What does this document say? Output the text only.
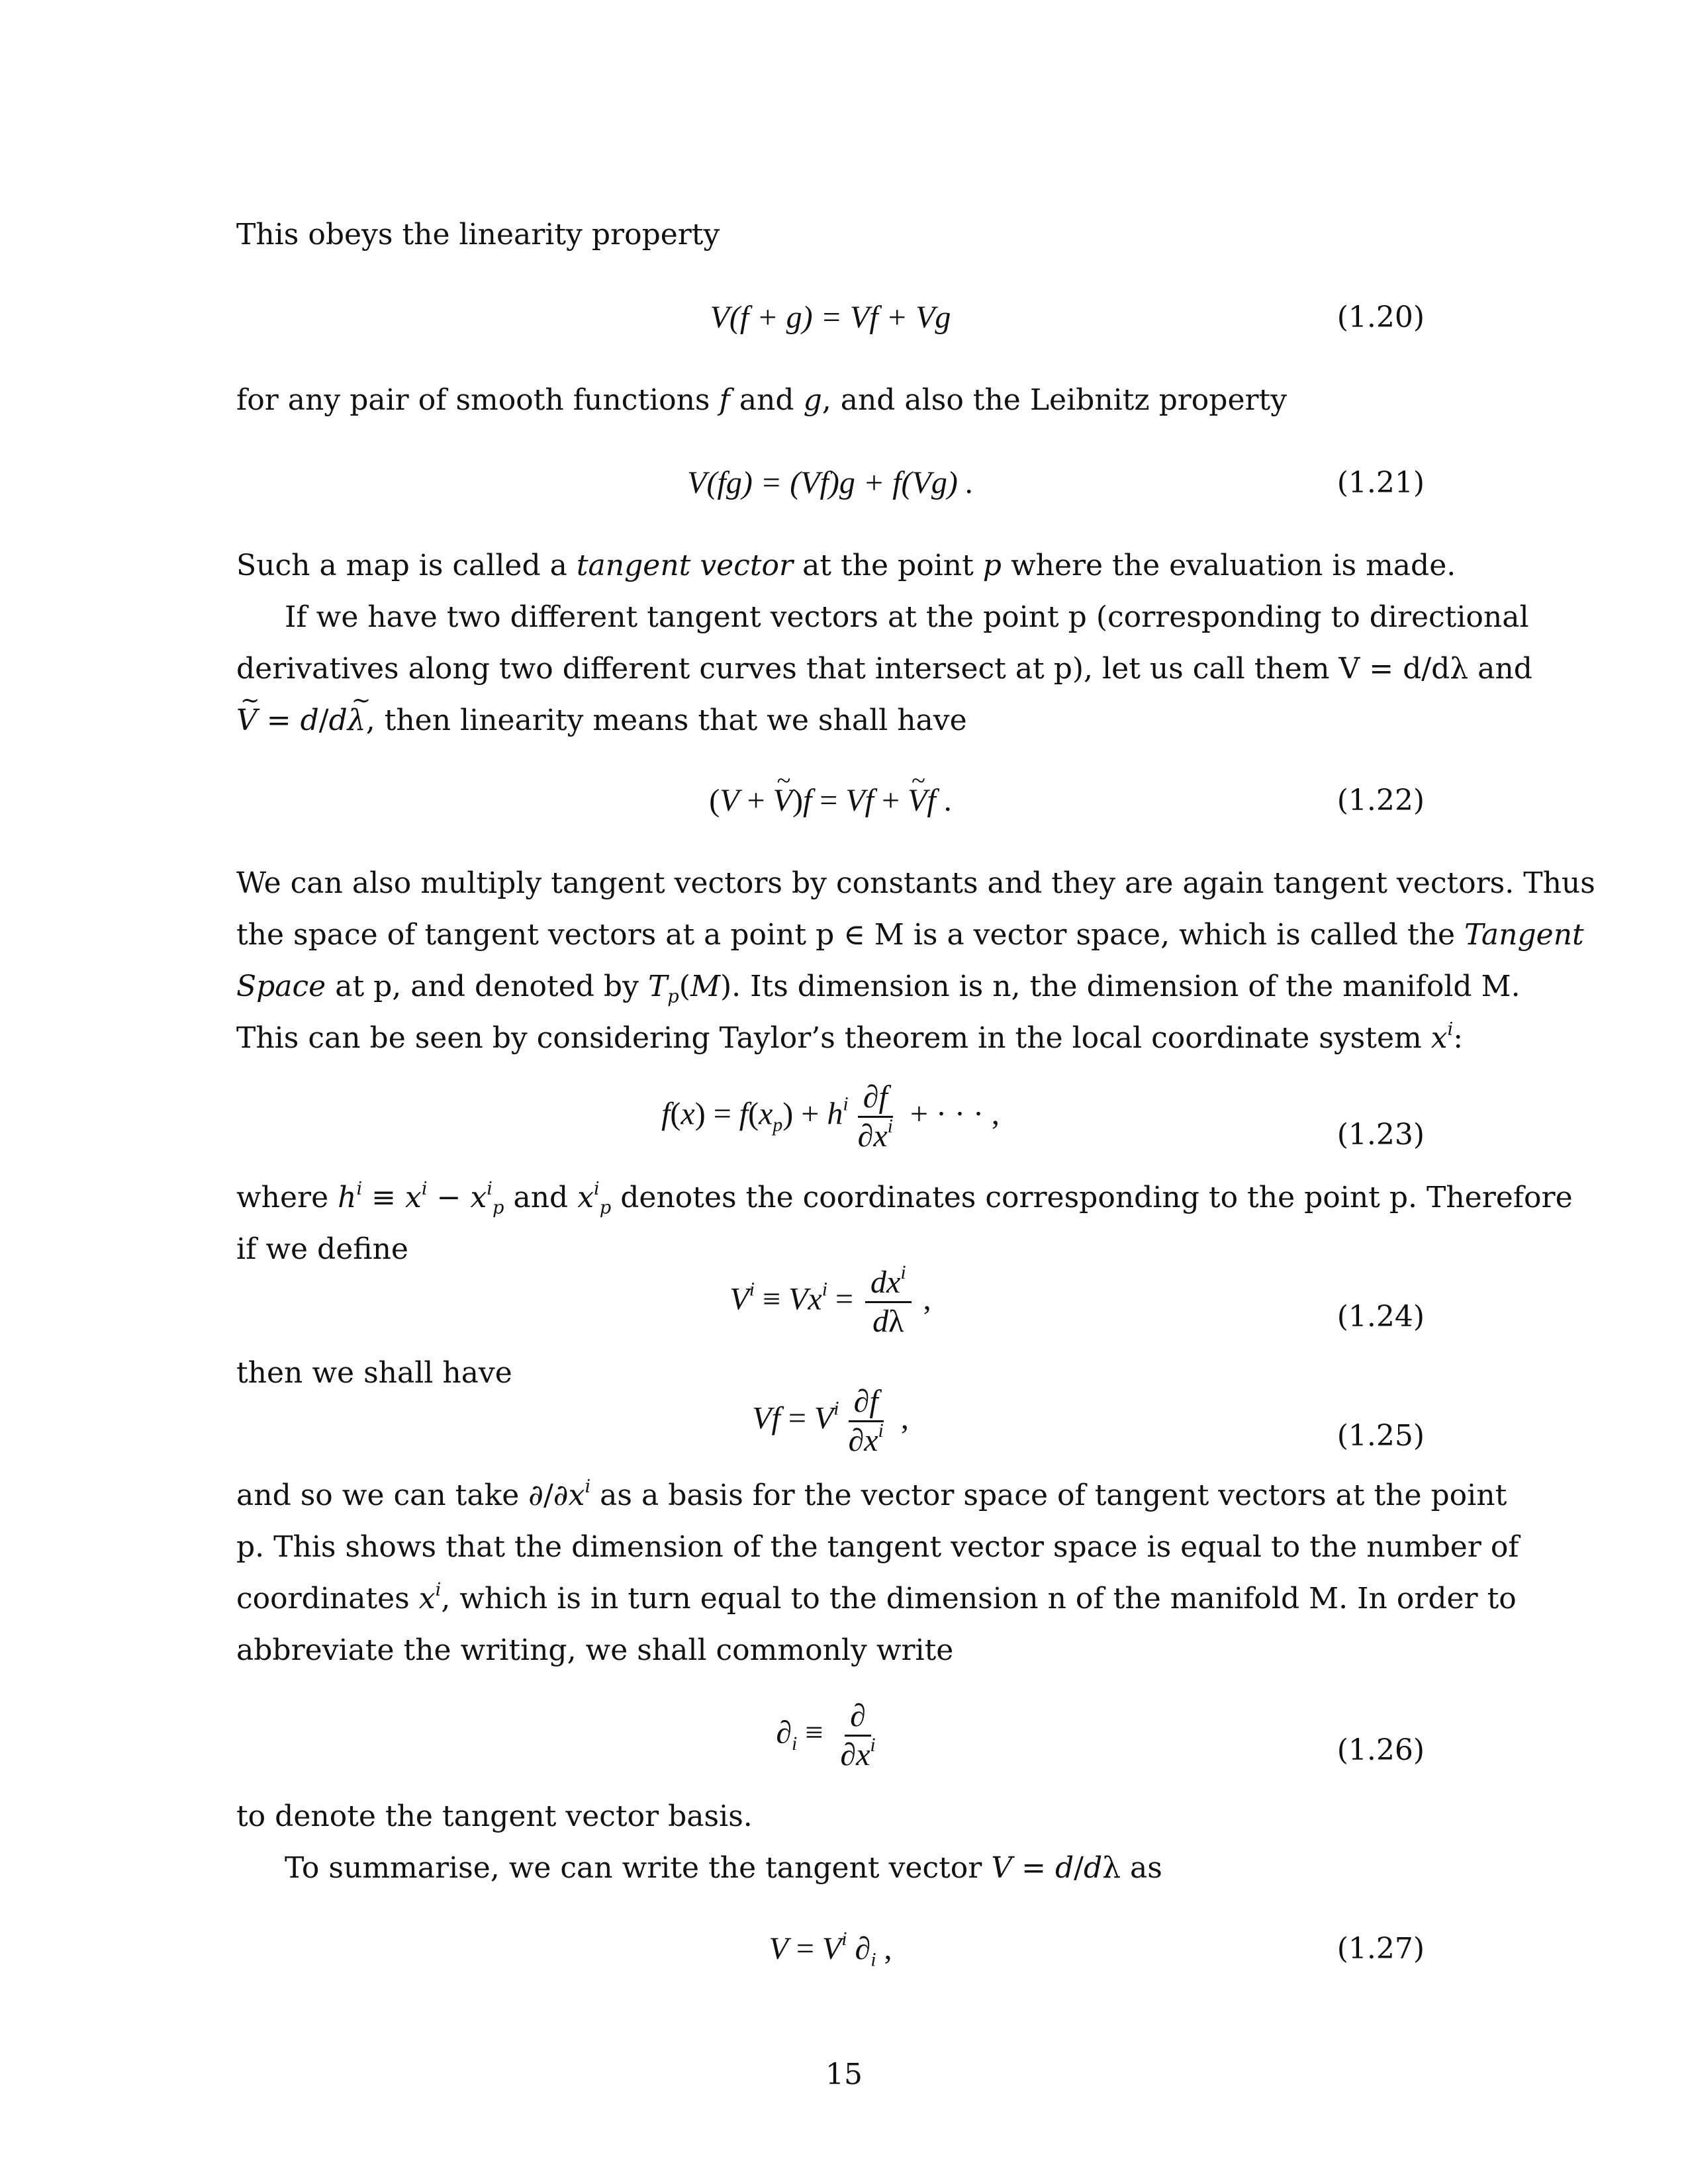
This obeys the linearity property
V(f + g) = Vf + Vg	(1.20)
for any pair of smooth functions f and g, and also the Leibnitz property
V(fg) = (Vf)g + f(Vg) .	(1.21)
Such a map is called a tangent vector at the point p where the evaluation is made.
If we have two different tangent vectors at the point p (corresponding to directional
derivatives along two different curves that intersect at p), let us call them V = d/dλ and
~ V = d/d~ λ, then linearity means that we shall have
(V + ~ V)f = Vf + ~ Vf .	(1.22)
We can also multiply tangent vectors by constants and they are again tangent vectors. Thus
the space of tangent vectors at a point p ∈ M is a vector space, which is called the Tangent
Space at p, and denoted by $T_p(M)$. Its dimension is n, the dimension of the manifold M.
This can be seen by considering Taylor’s theorem in the local coordinate system $x^i$:
$f(x) = f(x_p) + h^i \frac{\partial f}{\partial x^i}$ + · · · ,
(1.23)
where $h^i \equiv x^i - x^i_p$ and $x^i_p$ denotes the coordinates corresponding to the point p. Therefore
if we define
$V^i \equiv Vx^i = \frac{dx^i}{d\lambda}$ ,	(1.24)
then we shall have
$Vf = V^i \frac{\partial f}{\partial x^i}$ ,	(1.25)
and so we can take $\partial/\partial x^i$ as a basis for the vector space of tangent vectors at the point
p. This shows that the dimension of the tangent vector space is equal to the number of
coordinates $x^i$, which is in turn equal to the dimension n of the manifold M. In order to
abbreviate the writing, we shall commonly write
$\partial_i \equiv \frac{\partial}{\partial x^i}$	(1.26)
to denote the tangent vector basis.
To summarise, we can write the tangent vector V = d/dλ as
$V = V^i$ $\partial_i$ ,	(1.27)
15
